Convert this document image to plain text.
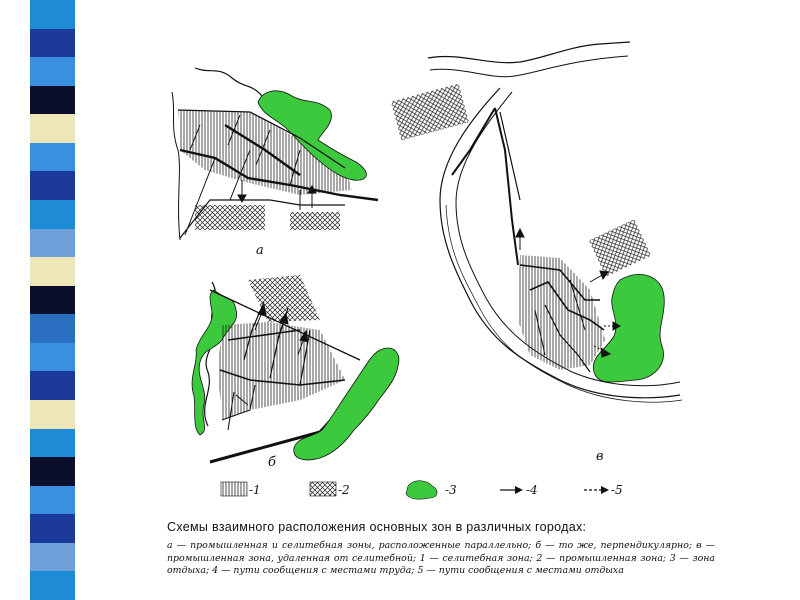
а
б	в
-1	-2	-3	-4	-5

Схемы взаимного расположения основных зон в различных городах:

а — промышленная и селитебная зоны, расположенные параллельно; б — то же, перпендикулярно; в — промышленная зона, удаленная от селитебной; 1 — селитебная зона; 2 — промышленная зона; 3 — зона отдыха; 4 — пути сообщения с местами труда; 5 — пути сообщения с местами отдыха
